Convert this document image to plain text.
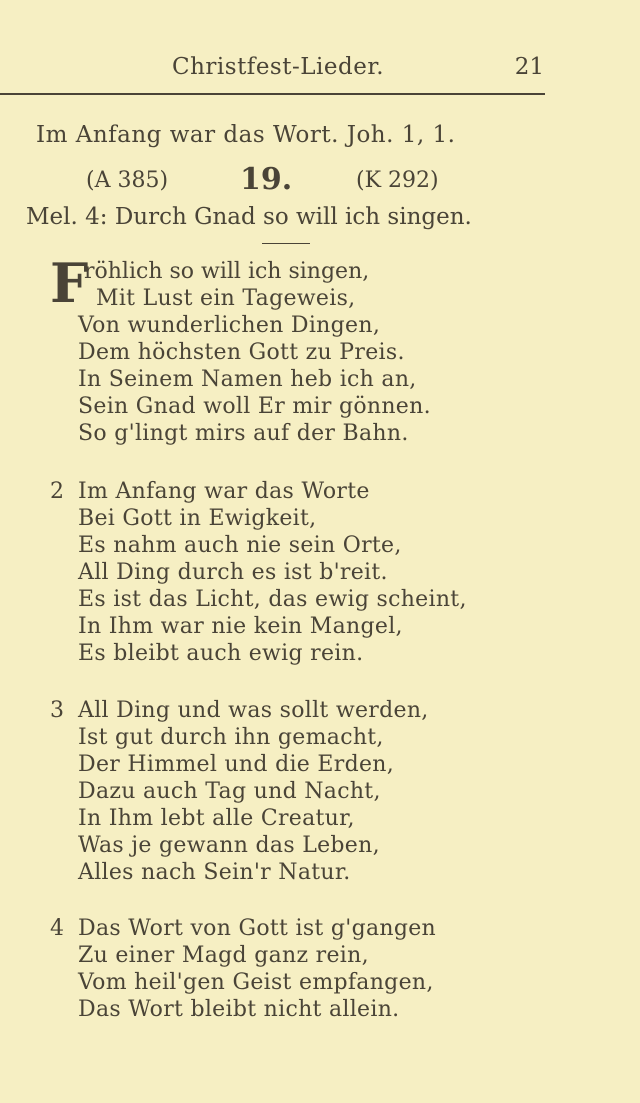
Christfest-Lieder.	21
Im Anfang war das Wort. Joh. 1, 1.
(A 385) 19.	(K 292)
Mel. 4: Durch Gnad so will ich singen.
F
röhlich so will ich singen,
Mit Lust ein Tageweis,
Von wunderlichen Dingen,
Dem höchsten Gott zu Preis.
In Seinem Namen heb ich an,
Sein Gnad woll Er mir gönnen.
So g'lingt mirs auf der Bahn.
2 Im Anfang war das Worte
Bei Gott in Ewigkeit,
Es nahm auch nie sein Orte,
All Ding durch es ist b'reit.
Es ist das Licht, das ewig scheint,
In Ihm war nie kein Mangel,
Es bleibt auch ewig rein.
3 All Ding und was sollt werden,
Ist gut durch ihn gemacht,
Der Himmel und die Erden,
Dazu auch Tag und Nacht,
In Ihm lebt alle Creatur,
Was je gewann das Leben,
Alles nach Sein'r Natur.
4 Das Wort von Gott ist g'gangen
Zu einer Magd ganz rein,
Vom heil'gen Geist empfangen,
Das Wort bleibt nicht allein.
